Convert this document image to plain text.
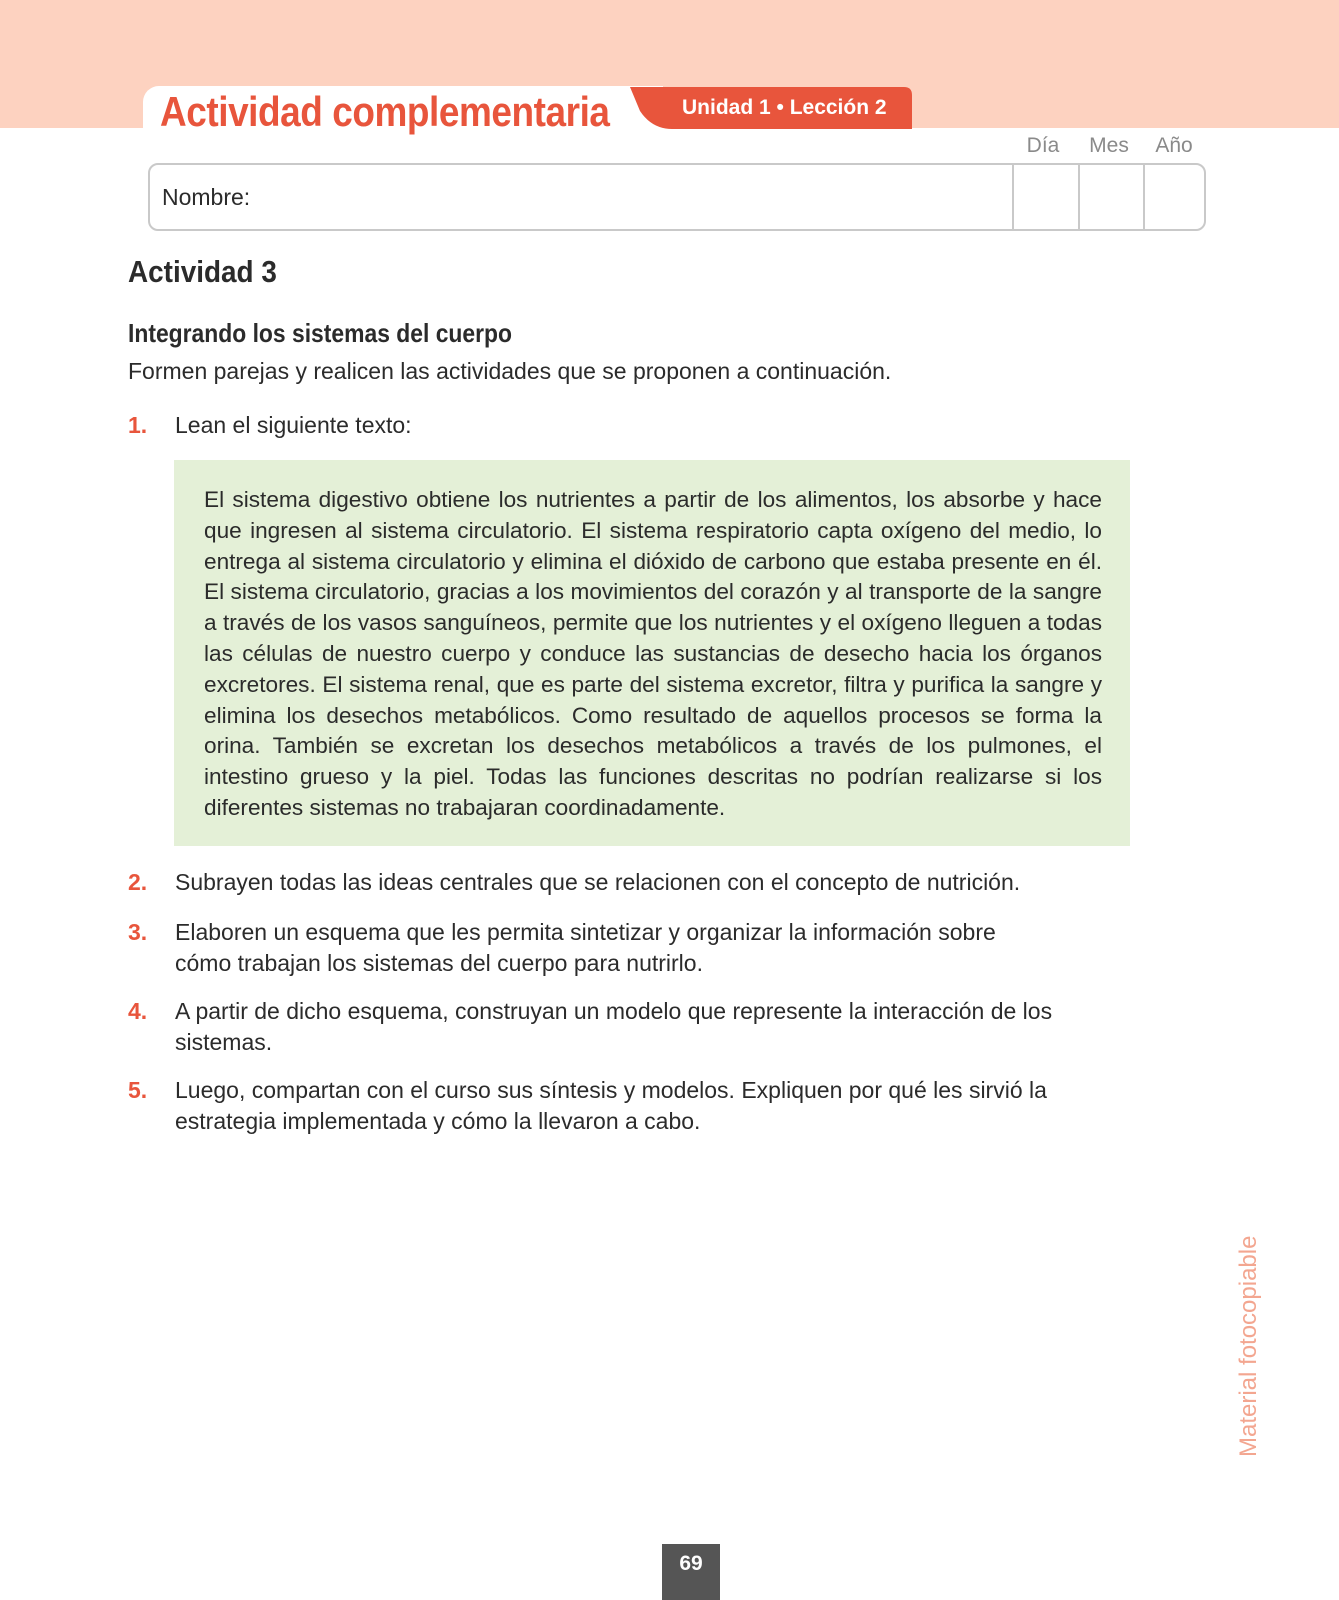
Actividad complementaria	Unidad 1 • Lección 2
Día	Mes	Año
Nombre:
Actividad 3
Integrando los sistemas del cuerpo
Formen parejas y realicen las actividades que se proponen a continuación.
1. Lean el siguiente texto:
El sistema digestivo obtiene los nutrientes a partir de los alimentos, los absorbe y hace que ingresen al sistema circulatorio. El sistema respiratorio capta oxígeno del medio, lo entrega al sistema circulatorio y elimina el dióxido de carbono que estaba presente en él. El sistema circulatorio, gracias a los movimientos del corazón y al transporte de la sangre a través de los vasos sanguíneos, permite que los nutrientes y el oxígeno lleguen a todas las células de nuestro cuerpo y conduce las sustancias de desecho hacia los órganos excretores. El sistema renal, que es parte del sistema excretor, filtra y purifica la sangre y elimina los desechos metabólicos. Como resultado de aquellos procesos se forma la orina. También se excretan los desechos metabólicos a través de los pulmones, el intestino grueso y la piel. Todas las funciones descritas no podrían realizarse si los diferentes sistemas no trabajaran coordinadamente.
2. Subrayen todas las ideas centrales que se relacionen con el concepto de nutrición.
3. Elaboren un esquema que les permita sintetizar y organizar la información sobre cómo trabajan los sistemas del cuerpo para nutrirlo.
4. A partir de dicho esquema, construyan un modelo que represente la interacción de los sistemas.
5. Luego, compartan con el curso sus síntesis y modelos. Expliquen por qué les sirvió la estrategia implementada y cómo la llevaron a cabo.
Material fotocopiable
69
